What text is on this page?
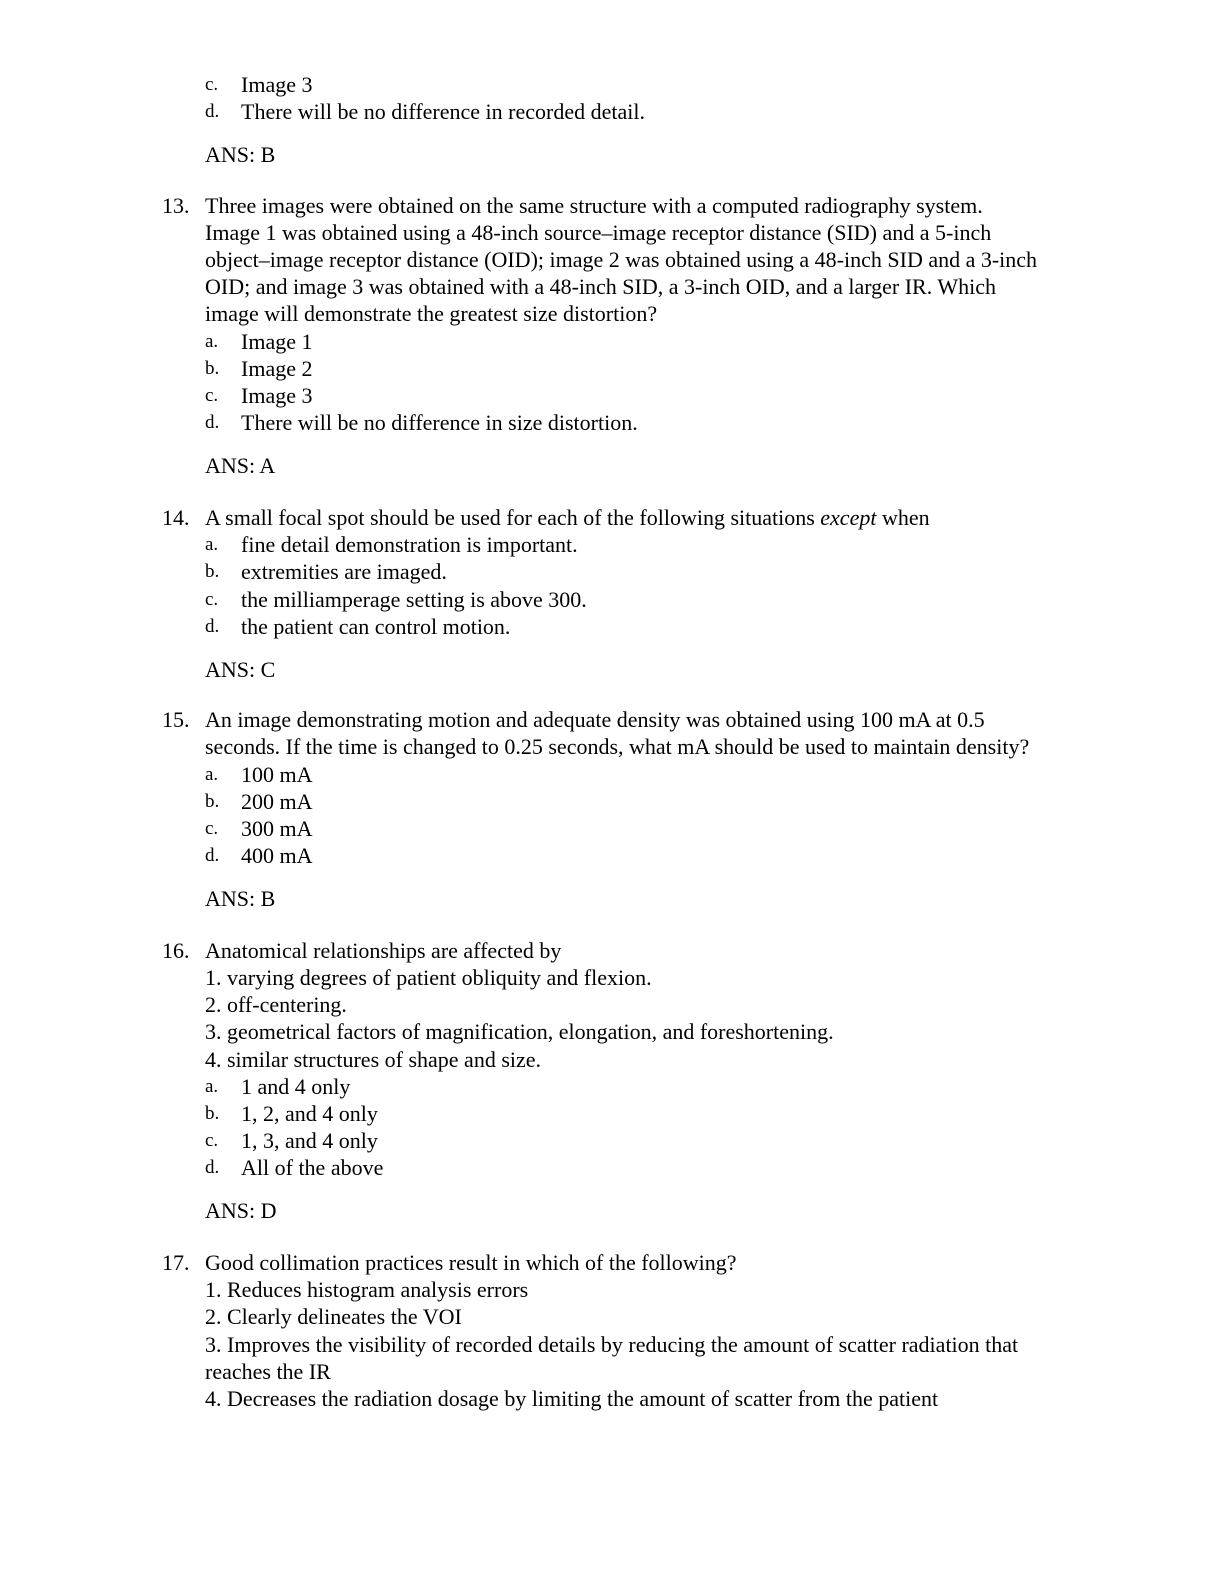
c. Image 3
d. There will be no difference in recorded detail.
ANS: B
13. Three images were obtained on the same structure with a computed radiography system.
Image 1 was obtained using a 48-inch source–image receptor distance (SID) and a 5-inch
object–image receptor distance (OID); image 2 was obtained using a 48-inch SID and a 3-inch
OID; and image 3 was obtained with a 48-inch SID, a 3-inch OID, and a larger IR. Which
image will demonstrate the greatest size distortion?
a. Image 1
b. Image 2
c. Image 3
d. There will be no difference in size distortion.
ANS: A
14. A small focal spot should be used for each of the following situations except when
a. fine detail demonstration is important.
b. extremities are imaged.
c. the milliamperage setting is above 300.
d. the patient can control motion.
ANS: C
15. An image demonstrating motion and adequate density was obtained using 100 mA at 0.5
seconds. If the time is changed to 0.25 seconds, what mA should be used to maintain density?
a. 100 mA
b. 200 mA
c. 300 mA
d. 400 mA
ANS: B
16. Anatomical relationships are affected by
1. varying degrees of patient obliquity and flexion.
2. off-centering.
3. geometrical factors of magnification, elongation, and foreshortening.
4. similar structures of shape and size.
a. 1 and 4 only
b. 1, 2, and 4 only
c. 1, 3, and 4 only
d. All of the above
ANS: D
17. Good collimation practices result in which of the following?
1. Reduces histogram analysis errors
2. Clearly delineates the VOI
3. Improves the visibility of recorded details by reducing the amount of scatter radiation that
reaches the IR
4. Decreases the radiation dosage by limiting the amount of scatter from the patient
